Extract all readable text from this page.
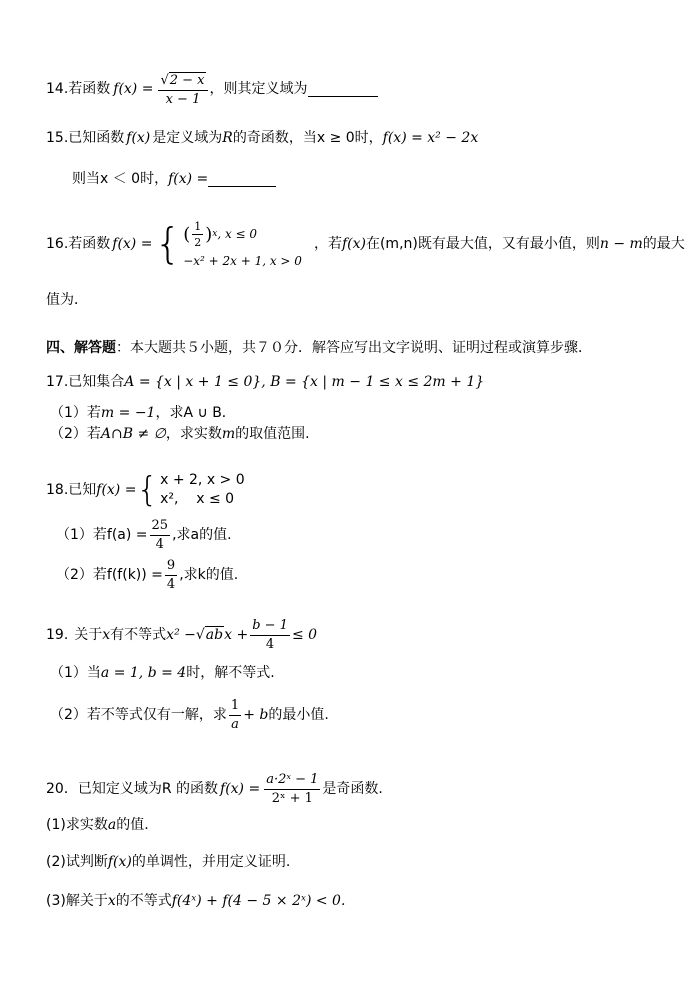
14. 若函数 $f(x) = \frac{√ 2 - x}{x - 1}$ ，则其定义域为
15. 已知函数 f(x) 是定义域为 R 的奇函数，当 x ≥ 0 时， f(x) = x² − 2x
则当x ＜ 0时， f(x) =
16. 若函数 f(x) = { ( $\frac{1}{2}$ ) x , x ≤ 0
−x² + 2x + 1, x > 0
，若 f(x) 在(m,n)既有最大值，又有最小值，则 n − m 的最大
值为．
四、解答题 ：本大题共５小题，共７０分．解答应写出文字说明、证明过程或演算步骤．
17. 已知集合 A = {x | x + 1 ≤ 0}, B = {x | m − 1 ≤ x ≤ 2m + 1}
（1）若 m = −1 ，求A ∪ B．
（2）若 A∩B ≠ ∅ ，求实数 m 的取值范围.
18. 已知 f(x) = { x + 2, x > 0
x²,    x ≤ 0
（1）若$f(a) = \frac{25}{4}$ ,求a的值.
（2）若$f(f(k)) = \frac{9}{4}$ ,求k的值.
19. 关于 x 有不等式 x² − √ ab $x + \frac{b - 1}{4} \le 0$
（1）当 a = 1, b = 4 时，解不等式.
（2）若不等式仅有一解，求 $\frac{1}{a} + b$ 的最小值.
20． 已知定义域为R 的函数 $f(x) = \frac{\text{a·2ˣ − 1}}{\text{2ˣ + 1}}$ 是奇函数.
(1)求实数 a 的值.
(2)试判断 f(x) 的单调性，并用定义证明.
(3)解关于 x 的不等式 f(4ˣ) + f(4 − 5 × 2ˣ) < 0.
